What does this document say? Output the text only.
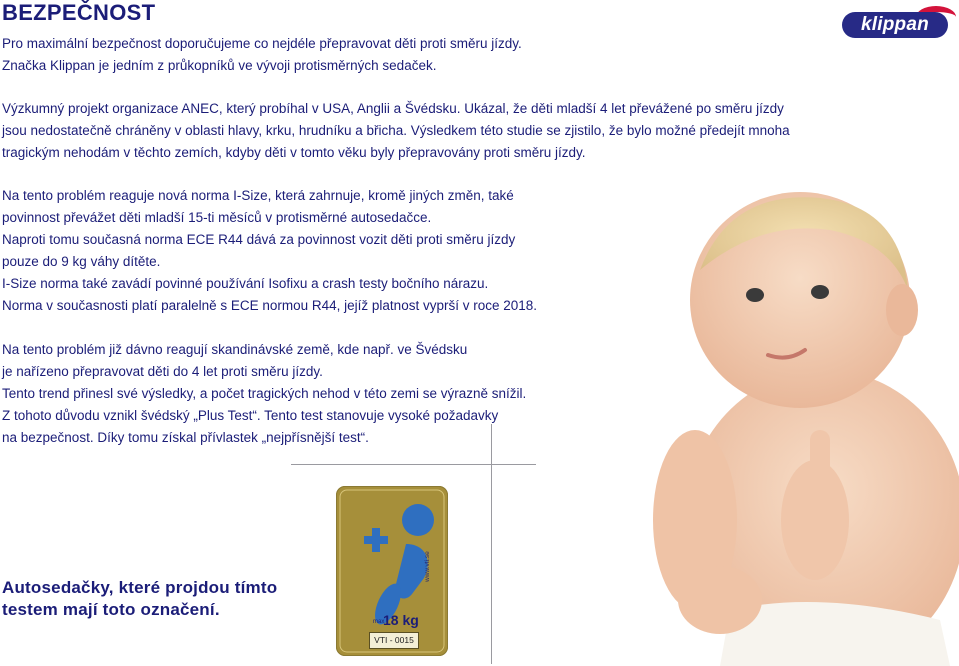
BEZPEČNOST	klippan

Pro maximální bezpečnost doporučujeme co nejdéle přepravovat děti proti směru jízdy.
Značka Klippan je jedním z průkopníků ve vývoji protisměrných sedaček.

Výzkumný projekt organizace ANEC, který probíhal v USA, Anglii a Švédsku. Ukázal, že děti mladší 4 let převážené po směru jízdy
jsou nedostatečně chráněny v oblasti hlavy, krku, hrudníku a břicha. Výsledkem této studie se zjistilo, že bylo možné předejít mnoha
tragickým nehodám v těchto zemích, kdyby děti v tomto věku byly přepravovány proti směru jízdy.

Na tento problém reaguje nová norma I-Size, která zahrnuje, kromě jiných změn, také
povinnost převážet děti mladší 15-ti měsíců v protisměrné autosedačce.
Naproti tomu současná norma ECE R44 dává za povinnost vozit děti proti směru jízdy
pouze do 9 kg váhy dítěte.
I-Size norma také zavádí povinné používání Isofixu a crash testy bočního nárazu.
Norma v současnosti platí paralelně s ECE normou R44, jejíž platnost vyprší v roce 2018.

Na tento problém již dávno reagují skandinávské země, kde např. ve Švédsku
je nařízeno přepravovat děti do 4 let proti směru jízdy.
Tento trend přinesl své výsledky, a počet tragických nehod v této zemi se výrazně snížil.
Z tohoto důvodu vznikl švédský „Plus Test“. Tento test stanovuje vysoké požadavky
na bezpečnost. Díky tomu získal přívlastek „nejpřísnější test“.

Autosedačky, které projdou tímto
testem mají toto označení.

www.vti.se
max
18 kg
VTI - 0015
